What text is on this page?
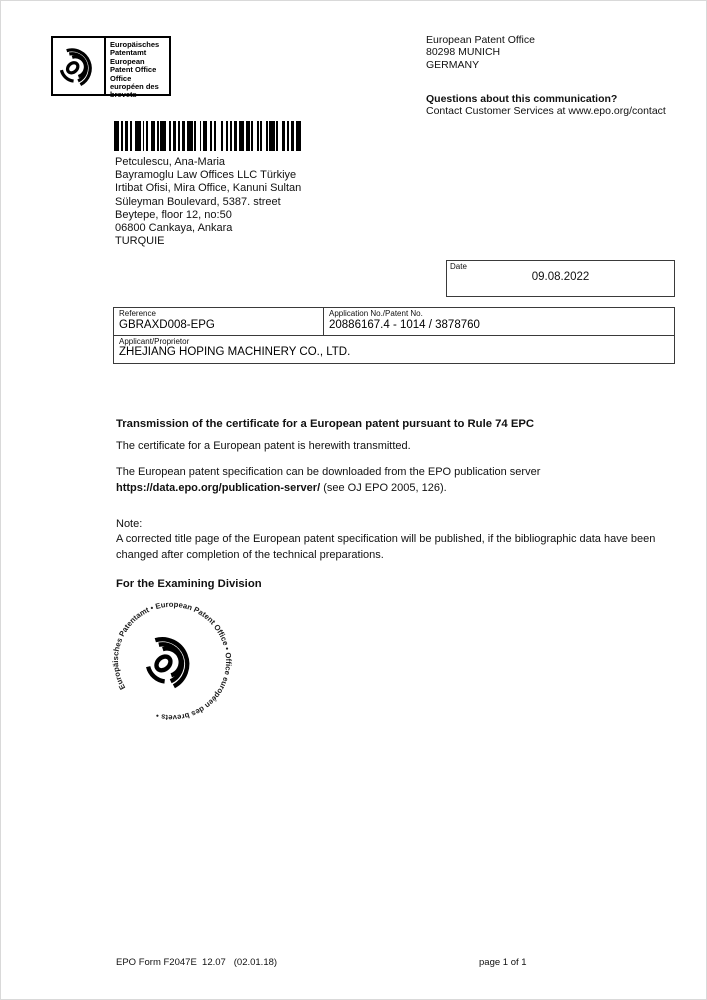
Europäisches Patentamt
European Patent Office
Office européen des brevets
European Patent Office
80298 MUNICH
GERMANY
Questions about this communication?
Contact Customer Services at www.epo.org/contact
Petculescu, Ana-Maria
Bayramoglu Law Offices LLC Türkiye
Irtibat Ofisi, Mira Office, Kanuni Sultan
Süleyman Boulevard, 5387. street
Beytepe, floor 12, no:50
06800 Cankaya, Ankara
TURQUIE
Date
09.08.2022
Reference
GBRAXD008-EPG
Application No./Patent No.
20886167.4 - 1014 / 3878760
Applicant/Proprietor
ZHEJIANG HOPING MACHINERY CO., LTD.
Transmission of the certificate for a European patent pursuant to Rule 74 EPC
The certificate for a European patent is herewith transmitted.
The European patent specification can be downloaded from the EPO publication server
https://data.epo.org/publication-server/ (see OJ EPO 2005, 126).
Note:
A corrected title page of the European patent specification will be published, if the bibliographic data have been changed after completion of the technical preparations.
For the Examining Division
Europäisches Patentamt • European Patent Office • Office européen des brevets •
EPO Form F2047E  12.07   (02.01.18)	page 1 of 1
